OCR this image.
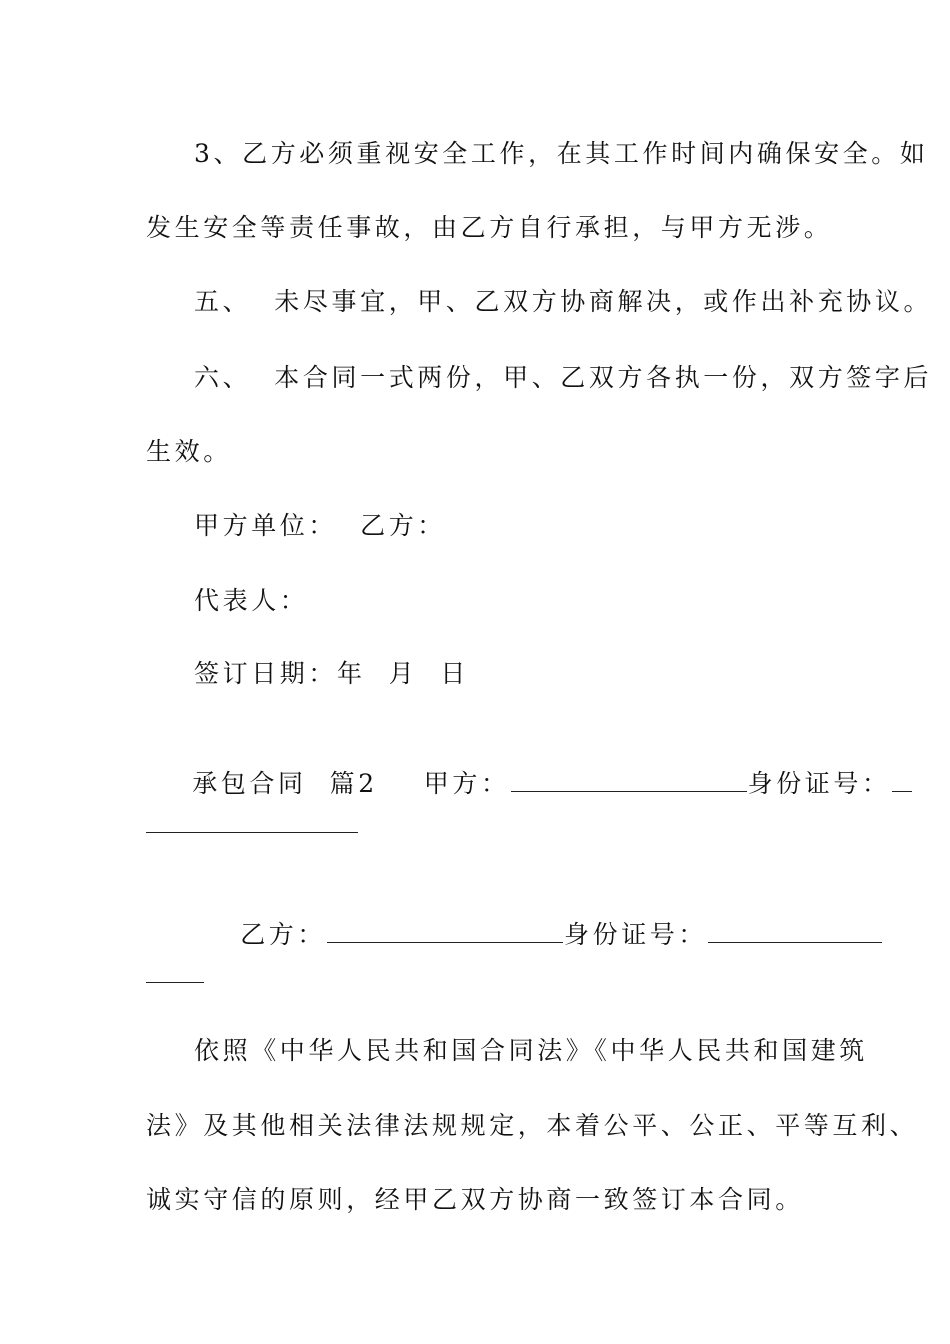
3、乙方必须重视安全工作，在其工作时间内确保安全。如
发生安全等责任事故，由乙方自行承担，与甲方无涉。
五、  未尽事宜，甲、乙双方协商解决，或作出补充协议。
六、  本合同一式两份，甲、乙双方各执一份，双方签字后
生效。
甲方单位：  乙方：
代表人：
签订日期：年  月  日

承包合同  篇2 甲方：	身份证号：

乙方：	身份证号：

依照《中华人民共和国合同法》《中华人民共和国建筑
法》及其他相关法律法规规定，本着公平、公正、平等互利、
诚实守信的原则，经甲乙双方协商一致签订本合同。
